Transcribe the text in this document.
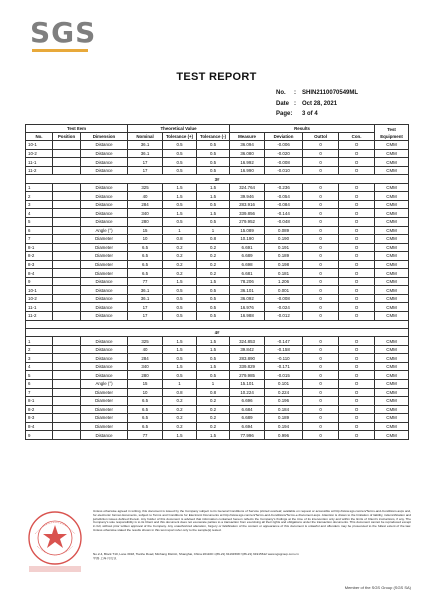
SGS
TEST REPORT
No.	: SHIN2110070549ML
Date : Oct 28, 2021
Page: 3 of 4
Test Item			Theoretical Value			Results				Test Equipment
No.	Position	Dimension	Nominal	Tolerance (+)	Tolerance (-)	Measure	Deviation	Outtol	Con.	
10-1		Distance	36.1	0.5	0.5	36.094	-0.006	0	O	CMM
10-2		Distance	36.1	0.5	0.5	36.080	-0.020	0	O	CMM
11-1		Distance	17	0.5	0.5	16.992	-0.008	0	O	CMM
11-2		Distance	17	0.5	0.5	16.990	-0.010	0	O	CMM
3#										
1		Distance	325	1.5	1.5	324.764	-0.236	0	O	CMM
2		Distance	40	1.5	1.5	39.946	-0.054	0	O	CMM
3		Distance	284	0.5	0.5	283.916	-0.084	0	O	CMM
4		Distance	340	1.5	1.5	339.856	-0.144	0	O	CMM
5		Distance	280	0.5	0.5	279.952	-0.048	0	O	CMM
6		Angle (°)	15	1	1	15.089	0.089	0	O	CMM
7		Diameter	10	0.8	0.8	10.190	0.190	0	O	CMM
8-1		Diameter	6.5	0.2	0.2	6.691	0.191	0	O	CMM
8-2		Diameter	6.5	0.2	0.2	6.689	0.189	0	O	CMM
8-3		Diameter	6.5	0.2	0.2	6.698	0.198	0	O	CMM
8-4		Diameter	6.5	0.2	0.2	6.681	0.181	0	O	CMM
9		Distance	77	1.5	1.5	78.206	1.206	0	O	CMM
10-1		Distance	36.1	0.5	0.5	36.101	0.001	0	O	CMM
10-2		Distance	36.1	0.5	0.5	36.092	-0.008	0	O	CMM
11-1		Distance	17	0.5	0.5	16.976	-0.024	0	O	CMM
11-2		Distance	17	0.5	0.5	16.988	-0.012	0	O	CMM

4#										
1		Distance	325	1.5	1.5	324.853	-0.147	0	O	CMM
2		Distance	40	1.5	1.5	39.842	-0.158	0	O	CMM
3		Distance	284	0.5	0.5	283.890	-0.110	0	O	CMM
4		Distance	340	1.5	1.5	339.829	-0.171	0	O	CMM
5		Distance	280	0.5	0.5	279.985	-0.015	0	O	CMM
6		Angle (°)	15	1	1	15.101	0.101	0	O	CMM
7		Diameter	10	0.8	0.8	10.224	0.224	0	O	CMM
8-1		Diameter	6.5	0.2	0.2	6.696	0.196	0	O	CMM
8-2		Diameter	6.5	0.2	0.2	6.684	0.184	0	O	CMM
8-3		Diameter	6.5	0.2	0.2	6.689	0.189	0	O	CMM
8-4		Diameter	6.5	0.2	0.2	6.694	0.194	0	O	CMM
9		Distance	77	1.5	1.5	77.996	0.996	0	O	CMM
Unless otherwise agreed in writing, this document is issued by the Company subject to its General Conditions of Service printed overleaf, available on request or accessible at http://www.sgs.com/en/Terms-and-Conditions.aspx and, for electronic format documents, subject to Terms and Conditions for Electronic Documents at http://www.sgs.com/en/Terms-and-Conditions/Terms-e-Document.aspx. Attention is drawn to the limitation of liability, indemnification and jurisdiction issues defined therein. Any holder of this document is advised that information contained hereon reflects the Company's findings at the time of its intervention only and within the limits of Client's instructions, if any. The Company's sole responsibility is to its Client and this document does not exonerate parties to a transaction from exercising all their rights and obligations under the transaction documents. This document cannot be reproduced except in full, without prior written approval of the Company. Any unauthorized alteration, forgery or falsification of the content or appearance of this document is unlawful and offenders may be prosecuted to the fullest extent of the law. Unless otherwise stated the results shown in this test report refer only to the sample(s) tested.
No.2-4, Block T10, Lane 3018, Tianhe Road, Minhang District, Shanghai, China 201100 t (86-21) 61191568 f (86-21) 61915612 www.sgsgroup.com.cn
中国·上海·闵行区
Member of the SGS Group (SGS SA)
